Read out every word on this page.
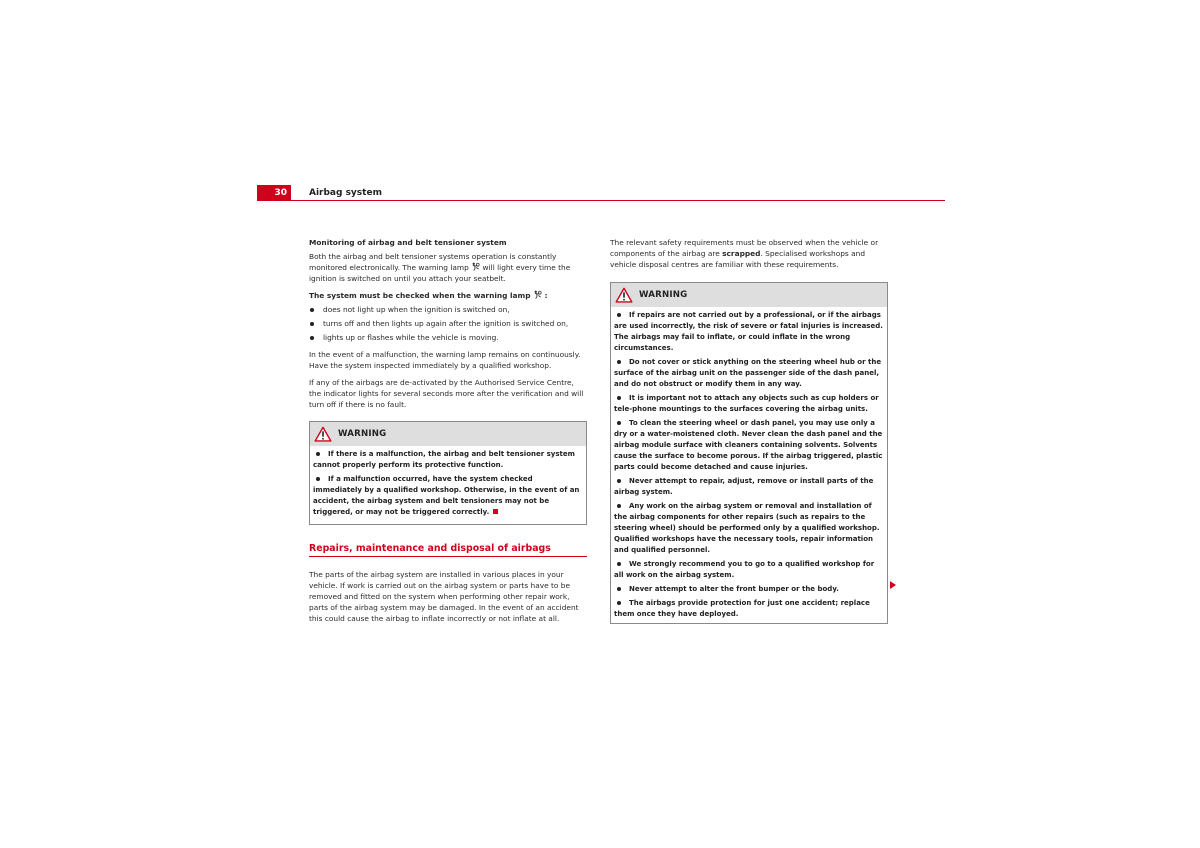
30	Airbag system

Monitoring of airbag and belt tensioner system

Both the airbag and belt tensioner systems operation is constantly monitored electronically. The warning lamp will light every time the ignition is switched on until you attach your seatbelt.

The system must be checked when the warning lamp :

does not light up when the ignition is switched on,
turns off and then lights up again after the ignition is switched on,
lights up or flashes while the vehicle is moving.

In the event of a malfunction, the warning lamp remains on continuously. Have the system inspected immediately by a qualified workshop.

If any of the airbags are de-activated by the Authorised Service Centre, the indicator lights for several seconds more after the verification and will turn off if there is no fault.

WARNING

If there is a malfunction, the airbag and belt tensioner system cannot properly perform its protective function.

If a malfunction occurred, have the system checked immediately by a qualified workshop. Otherwise, in the event of an accident, the airbag system and belt tensioners may not be triggered, or may not be triggered correctly.

Repairs, maintenance and disposal of airbags

The parts of the airbag system are installed in various places in your vehicle. If work is carried out on the airbag system or parts have to be removed and fitted on the system when performing other repair work, parts of the airbag system may be damaged. In the event of an accident this could cause the airbag to inflate incorrectly or not inflate at all.

The relevant safety requirements must be observed when the vehicle or components of the airbag are scrapped. Specialised workshops and vehicle disposal centres are familiar with these requirements.

WARNING

If repairs are not carried out by a professional, or if the airbags are used incorrectly, the risk of severe or fatal injuries is increased. The airbags may fail to inflate, or could inflate in the wrong circumstances.

Do not cover or stick anything on the steering wheel hub or the surface of the airbag unit on the passenger side of the dash panel, and do not obstruct or modify them in any way.

It is important not to attach any objects such as cup holders or tele-phone mountings to the surfaces covering the airbag units.

To clean the steering wheel or dash panel, you may use only a dry or a water-moistened cloth. Never clean the dash panel and the airbag module surface with cleaners containing solvents. Solvents cause the surface to become porous. If the airbag triggered, plastic parts could become detached and cause injuries.

Never attempt to repair, adjust, remove or install parts of the airbag system.

Any work on the airbag system or removal and installation of the airbag components for other repairs (such as repairs to the steering wheel) should be performed only by a qualified workshop. Qualified workshops have the necessary tools, repair information and qualified personnel.

We strongly recommend you to go to a qualified workshop for all work on the airbag system.

Never attempt to alter the front bumper or the body.

The airbags provide protection for just one accident; replace them once they have deployed.
